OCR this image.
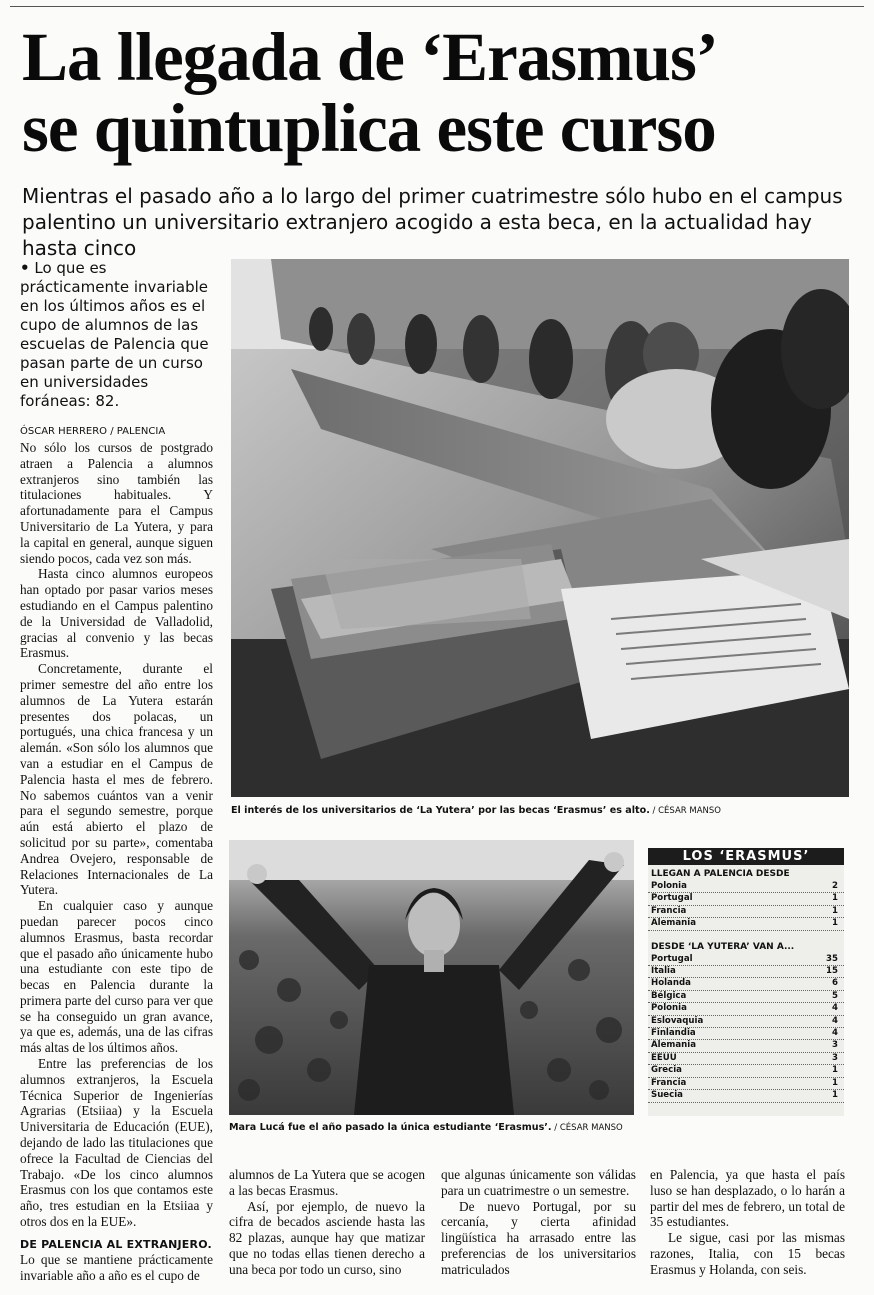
La llegada de ‘Erasmus’
se quintuplica este curso
Mientras el pasado año a lo largo del primer cuatrimestre sólo hubo en el campus palentino un universitario extranjero acogido a esta beca, en la actualidad hay hasta cinco
• Lo que es prácticamente invariable en los últimos años es el cupo de alumnos de las escuelas de Palencia que pasan parte de un curso en universidades foráneas: 82.
ÓSCAR HERRERO / PALENCIA

No sólo los cursos de postgrado atraen a Palencia a alumnos extranjeros sino también las titulaciones habituales. Y afortunadamente para el Campus Universitario de La Yutera, y para la capital en general, aunque siguen siendo pocos, cada vez son más.

Hasta cinco alumnos europeos han optado por pasar varios meses estudiando en el Campus palentino de la Universidad de Valladolid, gracias al convenio y las becas Erasmus.

Concretamente, durante el primer semestre del año entre los alumnos de La Yutera estarán presentes dos polacas, un portugués, una chica francesa y un alemán. «Son sólo los alumnos que van a estudiar en el Campus de Palencia hasta el mes de febrero. No sabemos cuántos van a venir para el segundo semestre, porque aún está abierto el plazo de solicitud por su parte», comentaba Andrea Ovejero, responsable de Relaciones Internacionales de La Yutera.

En cualquier caso y aunque puedan parecer pocos cinco alumnos Erasmus, basta recordar que el pasado año únicamente hubo una estudiante con este tipo de becas en Palencia durante la primera parte del curso para ver que se ha conseguido un gran avance, ya que es, además, una de las cifras más altas de los últimos años.

Entre las preferencias de los alumnos extranjeros, la Escuela Técnica Superior de Ingenierías Agrarias (Etsiiaa) y la Escuela Universitaria de Educación (EUE), dejando de lado las titulaciones que ofrece la Facultad de Ciencias del Trabajo. «De los cinco alumnos Erasmus con los que contamos este año, tres estudian en la Etsiiaa y otros dos en la EUE».

DE PALENCIA AL EXTRANJERO.

Lo que se mantiene prácticamente invariable año a año es el cupo de

El interés de los universitarios de ‘La Yutera’ por las becas ‘Erasmus’ es alto. / CÉSAR MANSO
Mara Lucá fue el año pasado la única estudiante ‘Erasmus’. / CÉSAR MANSO
LOS ‘ERASMUS’
LLEGAN A PALENCIA DESDE
Polonia	2
Portugal	1
Francia	1
Alemania	1
DESDE ‘LA YUTERA’ VAN A...
Portugal	35
Italia	15
Holanda	6
Bélgica	5
Polonia	4
Eslovaquia	4
Finlandia	4
Alemania	3
EEUU	3
Grecia	1
Francia	1
Suecia	1

alumnos de La Yutera que se acogen a las becas Erasmus.

Así, por ejemplo, de nuevo la cifra de becados asciende hasta las 82 plazas, aunque hay que matizar que no todas ellas tienen derecho a una beca por todo un curso, sino

que algunas únicamente son válidas para un cuatrimestre o un semestre.

De nuevo Portugal, por su cercanía, y cierta afinidad lingüística ha arrasado entre las preferencias de los universitarios matriculados

en Palencia, ya que hasta el país luso se han desplazado, o lo harán a partir del mes de febrero, un total de 35 estudiantes.

Le sigue, casi por las mismas razones, Italia, con 15 becas Erasmus y Holanda, con seis.
